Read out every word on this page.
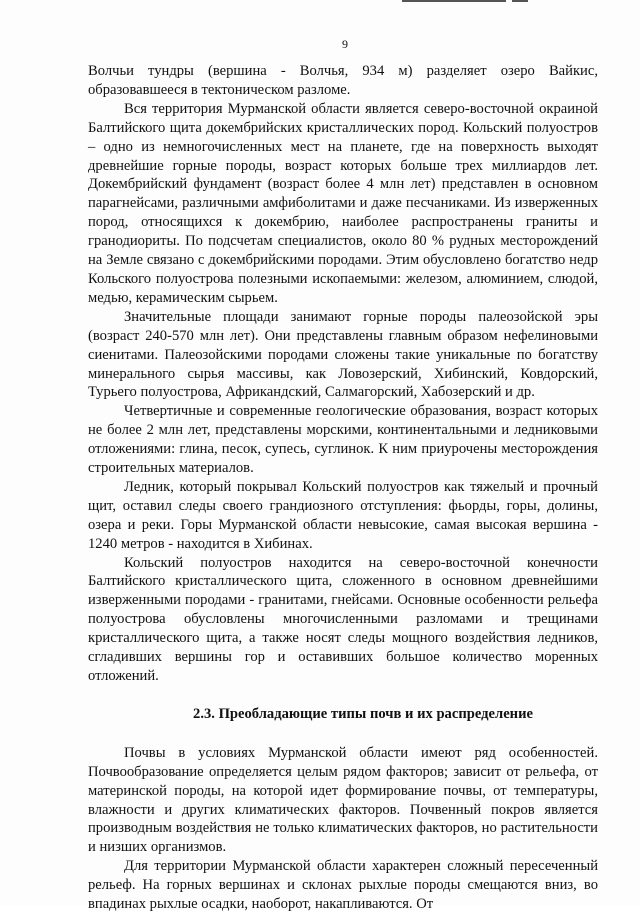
9

Волчьи тундры (вершина - Волчья, 934 м) разделяет озеро Вайкис, образовавшееся в тектоническом разломе.

Вся территория Мурманской области является северо-восточной окраиной Балтийского щита докембрийских кристаллических пород. Кольский полуостров – одно из немногочисленных мест на планете, где на поверхность выходят древнейшие горные породы, возраст которых больше трех миллиардов лет. Докембрийский фундамент (возраст более 4 млн лет) представлен в основном парагнейсами, различными амфиболитами и даже песчаниками. Из изверженных пород, относящихся к докембрию, наиболее распространены граниты и гранодиориты. По подсчетам специалистов, около 80 % рудных месторождений на Земле связано с докембрийскими породами. Этим обусловлено богатство недр Кольского полуострова полезными ископаемыми: железом, алюминием, слюдой, медью, керамическим сырьем.

Значительные площади занимают горные породы палеозойской эры (возраст 240-570 млн лет). Они представлены главным образом нефелиновыми сиенитами. Палеозойскими породами сложены такие уникальные по богатству минерального сырья массивы, как Ловозерский, Хибинский, Ковдорский, Турьего полуострова, Африкандский, Салмагорский, Хабозерский и др.

Четвертичные и современные геологические образования, возраст которых не более 2 млн лет, представлены морскими, континентальными и ледниковыми отложениями: глина, песок, супесь, суглинок. К ним приурочены месторождения строительных материалов.

Ледник, который покрывал Кольский полуостров как тяжелый и прочный щит, оставил следы своего грандиозного отступления: фьорды, горы, долины, озера и реки. Горы Мурманской области невысокие, самая высокая вершина - 1240 метров - находится в Хибинах.

Кольский полуостров находится на северо-восточной конечности Балтийского кристаллического щита, сложенного в основном древнейшими изверженными породами - гранитами, гнейсами. Основные особенности рельефа полуострова обусловлены многочисленными разломами и трещинами кристаллического щита, а также носят следы мощного воздействия ледников, сгладивших вершины гор и оставивших большое количество моренных отложений.

2.3. Преобладающие типы почв и их распределение

Почвы в условиях Мурманской области имеют ряд особенностей. Почвообразование определяется целым рядом факторов; зависит от рельефа, от материнской породы, на которой идет формирование почвы, от температуры, влажности и других климатических факторов. Почвенный покров является производным воздействия не только климатических факторов, но растительности и низших организмов.

Для территории Мурманской области характерен сложный пересеченный рельеф. На горных вершинах и склонах рыхлые породы смещаются вниз, во впадинах рыхлые осадки, наоборот, накапливаются. От
